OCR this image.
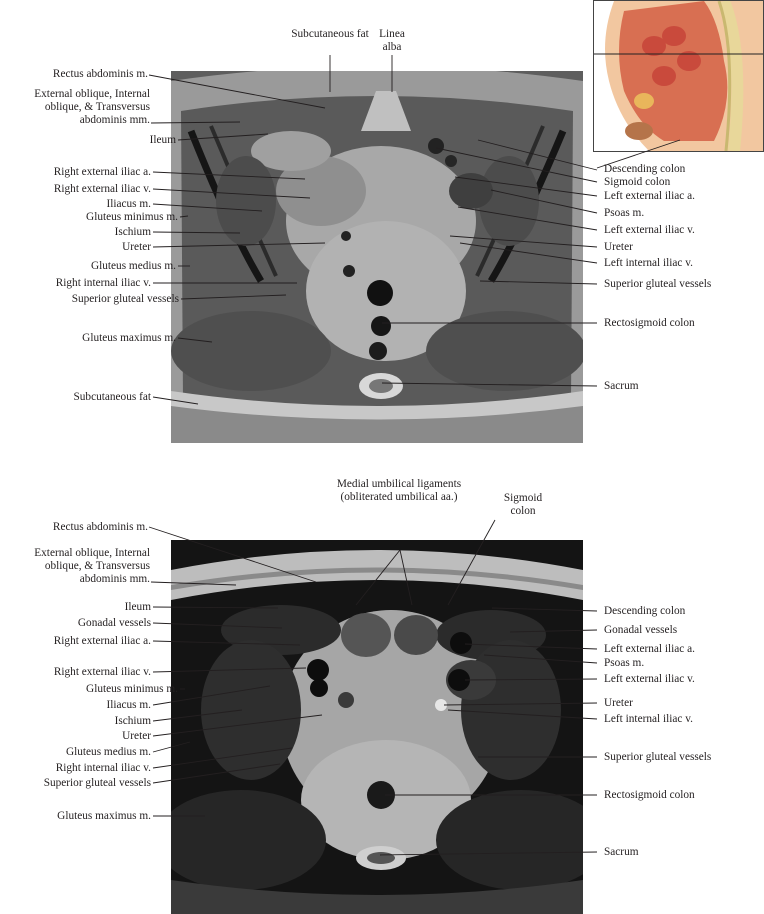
Subcutaneous fat Linea alba
Rectus abdominis m.
External oblique, Internal oblique, & Transversus abdominis mm.
Ileum
Right external iliac a.
Right external iliac v.
Iliacus m.
Gluteus minimus m.
Ischium
Ureter
Gluteus medius m.
Right internal iliac v.
Superior gluteal vessels
Gluteus maximus m.
Subcutaneous fat
Descending colon
Sigmoid colon
Left external iliac a.
Psoas m.
Left external iliac v.
Ureter
Left internal iliac v.
Superior gluteal vessels
Rectosigmoid colon
Sacrum
Medial umbilical ligaments (obliterated umbilical aa.)	Sigmoid colon
Rectus abdominis m.
External oblique, Internal oblique, & Transversus abdominis mm.
Ileum
Gonadal vessels
Right external iliac a.
Right external iliac v.
Gluteus minimus m.
Iliacus m.
Ischium
Ureter
Gluteus medius m.
Right internal iliac v.
Superior gluteal vessels
Gluteus maximus m.
Descending colon
Gonadal vessels
Left external iliac a.
Psoas m.
Left external iliac v.
Ureter
Left internal iliac v.
Superior gluteal vessels
Rectosigmoid colon
Sacrum
